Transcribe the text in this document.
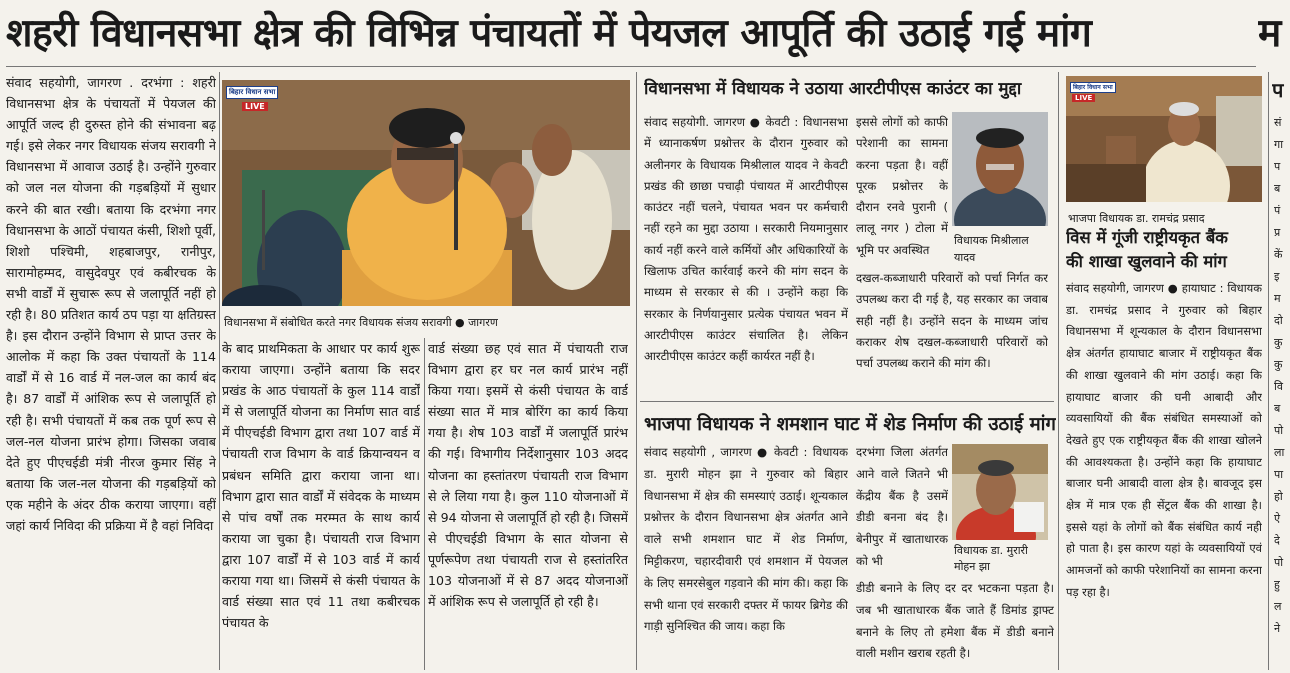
शहरी विधानसभा क्षेत्र की विभिन्न पंचायतों में पेयजल आपूर्ति की उठाई गई मांग	म
संवाद सहयोगी, जागरण . दरभंगा : शहरी विधानसभा क्षेत्र के पंचायतों में पेयजल की आपूर्ति जल्द ही दुरुस्त होने की संभावना बढ़ गई। इसे लेकर नगर विधायक संजय सरावगी ने विधानसभा में आवाज उठाई है। उन्होंने गुरुवार को जल नल योजना की गड़बड़ियों में सुधार करने की बात रखी। बताया कि दरभंगा नगर विधानसभा के आठों पंचायत कंसी, शिशो पूर्वी, शिशो पश्चिमी, शहबाजपुर, रानीपुर, सारामोहम्मद, वासुदेवपुर एवं कबीरचक के सभी वार्डों में सुचारू रूप से जलापूर्ति नहीं हो रही है। 80 प्रतिशत कार्य ठप पड़ा या क्षतिग्रस्त है। इस दौरान उन्होंने विभाग से प्राप्त उत्तर के आलोक में कहा कि उक्त पंचायतों के 114 वार्डों में से 16 वार्ड में नल-जल का कार्य बंद है। 87 वार्डों में आंशिक रूप से जलापूर्ति हो रही है। सभी पंचायतों में कब तक पूर्ण रूप से जल-नल योजना प्रारंभ होगा। जिसका जवाब देते हुए पीएचईडी मंत्री नीरज कुमार सिंह ने बताया कि जल-नल योजना की गड़बड़ियों को एक महीने के अंदर ठीक कराया जाएगा। वहीं जहां कार्य निविदा की प्रक्रिया में है वहां निविदा
बिहार विधान सभा
LIVE
विधानसभा में संबोधित करते नगर विधायक संजय सरावगी ● जागरण
के बाद प्राथमिकता के आधार पर कार्य शुरू कराया जाएगा। उन्होंने बताया कि सदर प्रखंड के आठ पंचायतों के कुल 114 वार्डों में से जलापूर्ति योजना का निर्माण सात वार्ड में पीएचईडी विभाग द्वारा तथा 107 वार्ड में पंचायती राज विभाग के वार्ड क्रियान्वयन व प्रबंधन समिति द्वारा कराया जाना था। विभाग द्वारा सात वार्डों में संवेदक के माध्यम से पांच वर्षों तक मरम्मत के साथ कार्य कराया जा चुका है। पंचायती राज विभाग द्वारा 107 वार्डों में से 103 वार्ड में कार्य कराया गया था। जिसमें से कंसी पंचायत के वार्ड संख्या सात एवं 11 तथा कबीरचक पंचायत के
वार्ड संख्या छह एवं सात में पंचायती राज विभाग द्वारा हर घर नल कार्य प्रारंभ नहीं किया गया। इसमें से कंसी पंचायत के वार्ड संख्या सात में मात्र बोरिंग का कार्य किया गया है। शेष 103 वार्डों में जलापूर्ति प्रारंभ की गई। विभागीय निर्देशानुसार 103 अदद योजना का हस्तांतरण पंचायती राज विभाग से ले लिया गया है। कुल 110 योजनाओं में से 94 योजना से जलापूर्ति हो रही है। जिसमें से पीएचईडी विभाग के सात योजना से पूर्णरूपेण तथा पंचायती राज से हस्तांतरित 103 योजनाओं में से 87 अदद योजनाओं में आंशिक रूप से जलापूर्ति हो रही है।
विधानसभा में विधायक ने उठाया आरटीपीएस काउंटर का मुद्दा
संवाद सहयोगी. जागरण ● केवटी : विधानसभा में ध्यानाकर्षण प्रश्नोत्तर के दौरान गुरुवार को अलीनगर के विधायक मिश्रीलाल यादव ने केवटी प्रखंड की छाछा पचाढ़ी पंचायत में आरटीपीएस काउंटर नहीं चलने, पंचायत भवन पर कर्मचारी नहीं रहने का मुद्दा उठाया । सरकारी नियमानुसार कार्य नहीं करने वाले कर्मियों और अधिकारियों के खिलाफ उचित कार्रवाई करने की मांग सदन के माध्यम से सरकार से की । उन्होंने कहा कि सरकार के निर्णयानुसार प्रत्येक पंचायत भवन में आरटीपीएस काउंटर संचालित है। लेकिन आरटीपीएस काउंटर कहीं कार्यरत नहीं है।
इससे लोगों को काफी परेशानी का सामना करना पड़ता है। वहीं पूरक प्रश्नोत्तर के दौरान रनवे पुरानी ( लालू नगर ) टोला में भूमि पर अवस्थित
विधायक मिश्रीलाल यादव
दखल-कब्जाधारी परिवारों को पर्चा निर्गत कर उपलब्ध करा दी गई है, यह सरकार का जवाब सही नहीं है। उन्होंने सदन के माध्यम जांच कराकर शेष दखल-कब्जाधारी परिवारों को पर्चा उपलब्ध कराने की मांग की।
भाजपा विधायक ने शमशान घाट में शेड निर्माण की उठाई मांग
संवाद सहयोगी , जागरण ● केवटी : विधायक डा. मुरारी मोहन झा ने गुरुवार को बिहार विधानसभा में क्षेत्र की समस्याएं उठाई। शून्यकाल प्रश्नोत्तर के दौरान विधानसभा क्षेत्र अंतर्गत आने वाले सभी शमशान घाट में शेड निर्माण, मिट्टीकरण, चहारदीवारी एवं शमशान में पेयजल के लिए समरसेबुल गड़वाने की मांग की। कहा कि सभी थाना एवं सरकारी दफ्तर में फायर ब्रिगेड की गाड़ी सुनिश्चित की जाय। कहा कि
दरभंगा जिला अंतर्गत आने वाले जितने भी केंद्रीय बैंक है उसमें डीडी बनना बंद है। बेनीपुर में खाताधारक को भी
विधायक डा. मुरारी
मोहन झा
डीडी बनाने के लिए दर दर भटकना पड़ता है। जब भी खाताधारक बैंक जाते हैं डिमांड ड्राफ्ट बनाने के लिए तो हमेशा बैंक में डीडी बनाने वाली मशीन खराब रहती है।
बिहार विधान सभा
LIVE
भाजपा विधायक डा. रामचंद्र प्रसाद
विस में गूंजी राष्ट्रीयकृत बैंक
की शाखा खुलवाने की मांग
संवाद सहयोगी, जागरण ● हायाघाट : विधायक डा. रामचंद्र प्रसाद ने गुरुवार को बिहार विधानसभा में शून्यकाल के दौरान विधानसभा क्षेत्र अंतर्गत हायाघाट बाजार में राष्ट्रीयकृत बैंक की शाखा खुलवाने की मांग उठाई। कहा कि हायाघाट बाजार की घनी आबादी और व्यवसायियों की बैंक संबंधित समस्याओं को देखते हुए एक राष्ट्रीयकृत बैंक की शाखा खोलने की आवश्यकता है। उन्होंने कहा कि हायाघाट बाजार घनी आबादी वाला क्षेत्र है। बावजूद इस क्षेत्र में मात्र एक ही सेंट्रल बैंक की शाखा है। इससे यहां के लोगों को बैंक संबंधित कार्य नही हो पाता है। इस कारण यहां के व्यवसायियों एवं आमजनों को काफी परेशानियों का सामना करना पड़ रहा है।
प
सं
गा
प
ब
पं
प्र
कें
इ
म
दो
कु
कु
वि
ब
पो
ला
पा
हो
ऐ
दे
पो
हु
ल
ने
